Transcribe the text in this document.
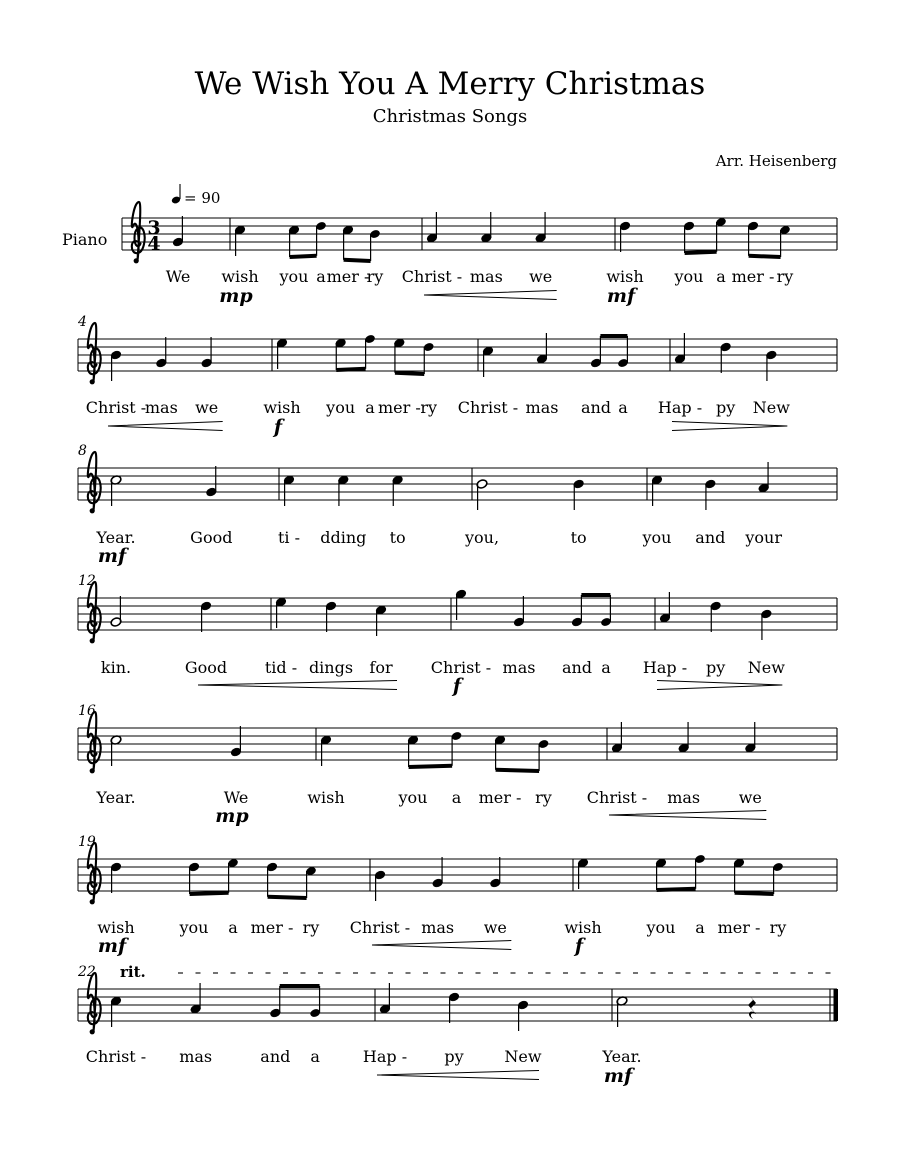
We Wish You A Merry Christmas
Christmas Songs
Arr. Heisenberg
= 90
Piano
3
4
We wish you a mer -
ry Christ - mas we	wish you a mer - ry
mp	mf
4
Christ -
mas we	wish you a mer - ry Christ - mas and a Hap - py New
f
8
Year.	Good	ti - dding to	you,	to	you and your
mf
12
kin.	Good tid - dings for Christ - mas and a Hap - py New
f
16
Year.	We	wish	you a mer - ry Christ - mas we
mp
19
wish	you a mer - ry Christ - mas we	wish	you a mer - ry
mf	f
22 rit.
Christ - mas	and a	Hap - py	New	Year.
mf
